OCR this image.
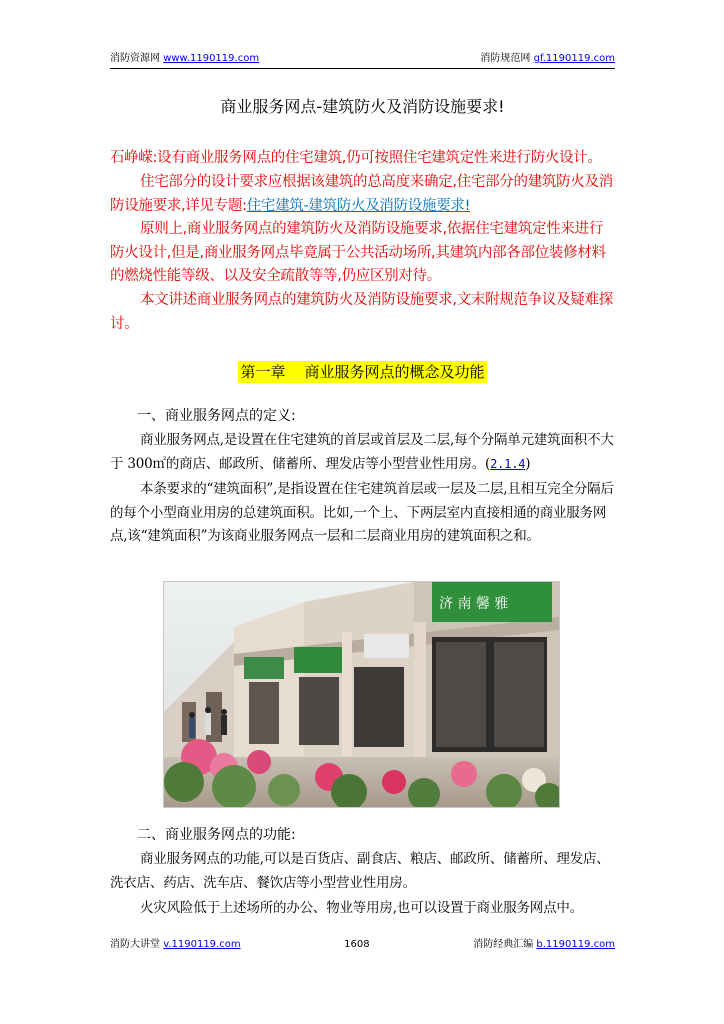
消防资源网 www.1190119.com	消防规范网 gf.1190119.com
商业服务网点-建筑防火及消防设施要求!
石峥嵘:设有商业服务网点的住宅建筑,仍可按照住宅建筑定性来进行防火设计。
住宅部分的设计要求应根据该建筑的总高度来确定,住宅部分的建筑防火及消防设施要求,详见专题:住宅建筑-建筑防火及消防设施要求!
原则上,商业服务网点的建筑防火及消防设施要求,依据住宅建筑定性来进行防火设计,但是,商业服务网点毕竟属于公共活动场所,其建筑内部各部位装修材料的燃烧性能等级、以及安全疏散等等,仍应区别对待。
本文讲述商业服务网点的建筑防火及消防设施要求,文末附规范争议及疑难探讨。
第一章    商业服务网点的概念及功能
一、商业服务网点的定义:
商业服务网点,是设置在住宅建筑的首层或首层及二层,每个分隔单元建筑面积不大于 300㎡的商店、邮政所、储蓄所、理发店等小型营业性用房。(2.1.4)
本条要求的“建筑面积”,是指设置在住宅建筑首层或一层及二层,且相互完全分隔后的每个小型商业用房的总建筑面积。比如,一个上、下两层室内直接相通的商业服务网点,该“建筑面积”为该商业服务网点一层和二层商业用房的建筑面积之和。
济 南 馨 雅
二、商业服务网点的功能:
商业服务网点的功能,可以是百货店、副食店、粮店、邮政所、储蓄所、理发店、洗衣店、药店、洗车店、餐饮店等小型营业性用房。
火灾风险低于上述场所的办公、物业等用房,也可以设置于商业服务网点中。
消防大讲堂 v.1190119.com	1608	消防经典汇编 b.1190119.com
